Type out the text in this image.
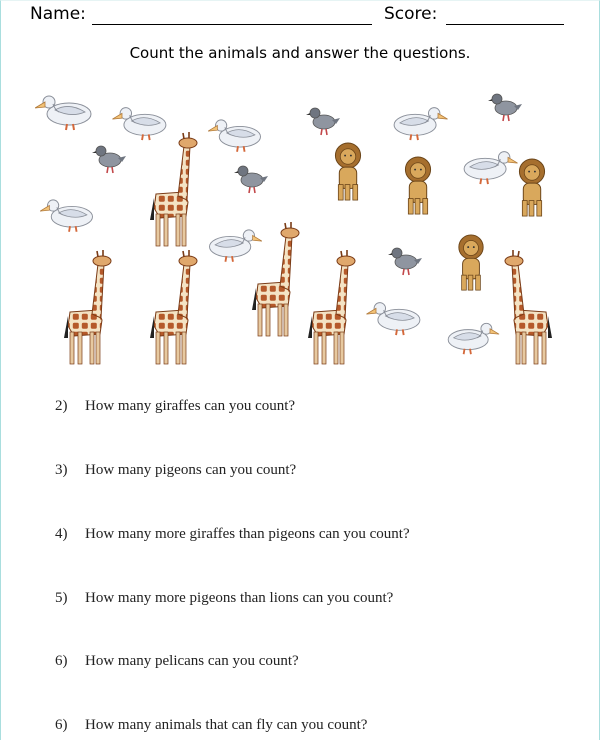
Name:	Score:
Count the animals and answer the questions.
2) How many giraffes can you count?
3) How many pigeons can you count?
4) How many more giraffes than pigeons can you count?
5) How many more pigeons than lions can you count?
6) How many pelicans can you count?
6) How many animals that can fly can you count?
